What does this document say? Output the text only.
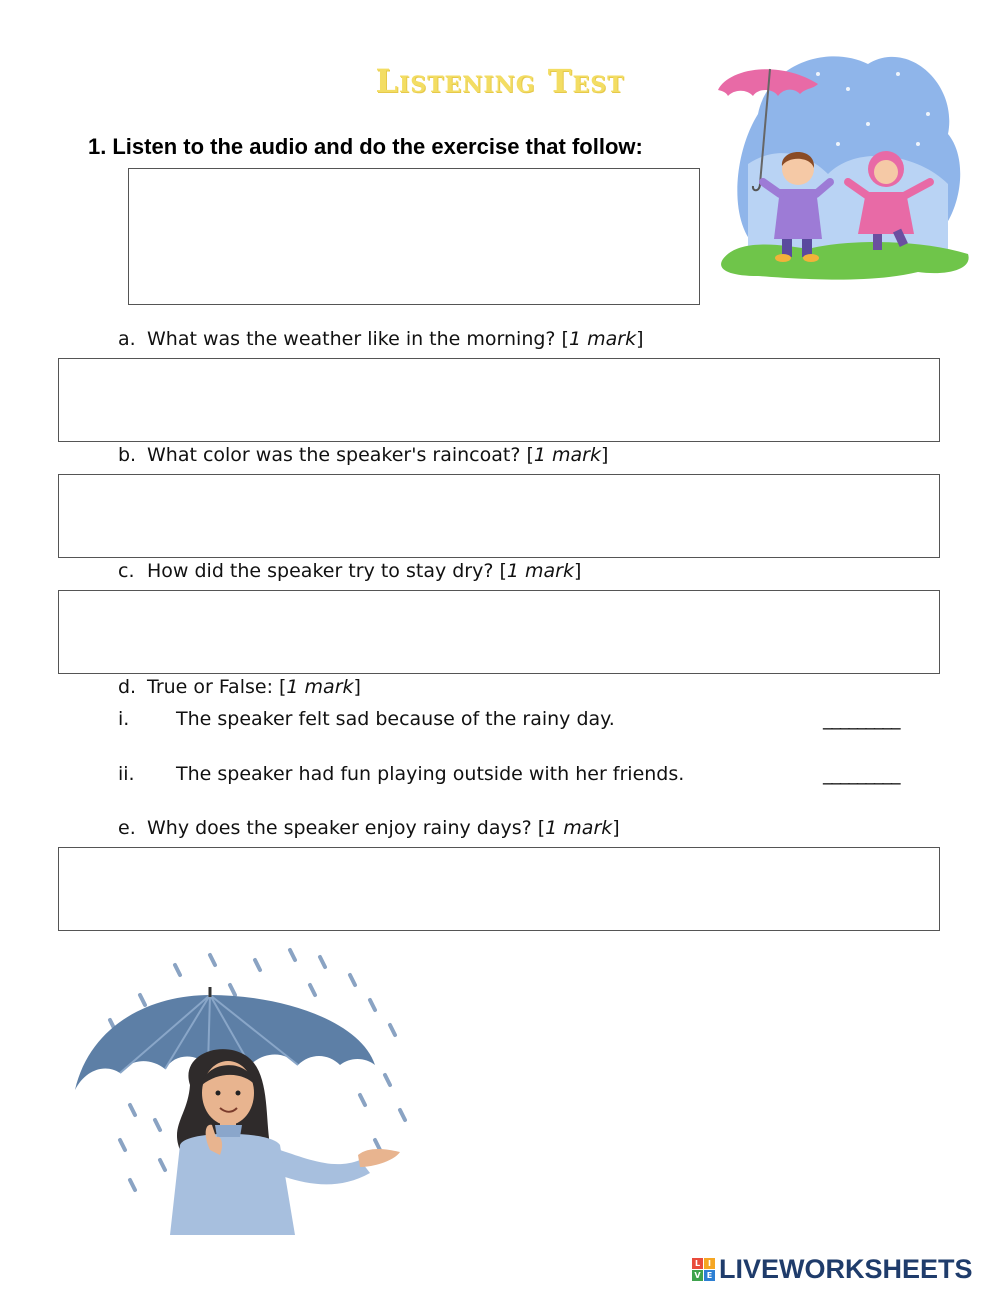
Listening Test
1. Listen to the audio and do the exercise that follow:
a. What was the weather like in the morning? [1 mark]
b. What color was the speaker's raincoat? [1 mark]
c. How did the speaker try to stay dry? [1 mark]
d. True or False: [1 mark]
i. The speaker felt sad because of the rainy day.	_________
ii. The speaker had fun playing outside with her friends.	_________
e. Why does the speaker enjoy rainy days? [1 mark]
L I
V E LIVEWORKSHEETS
